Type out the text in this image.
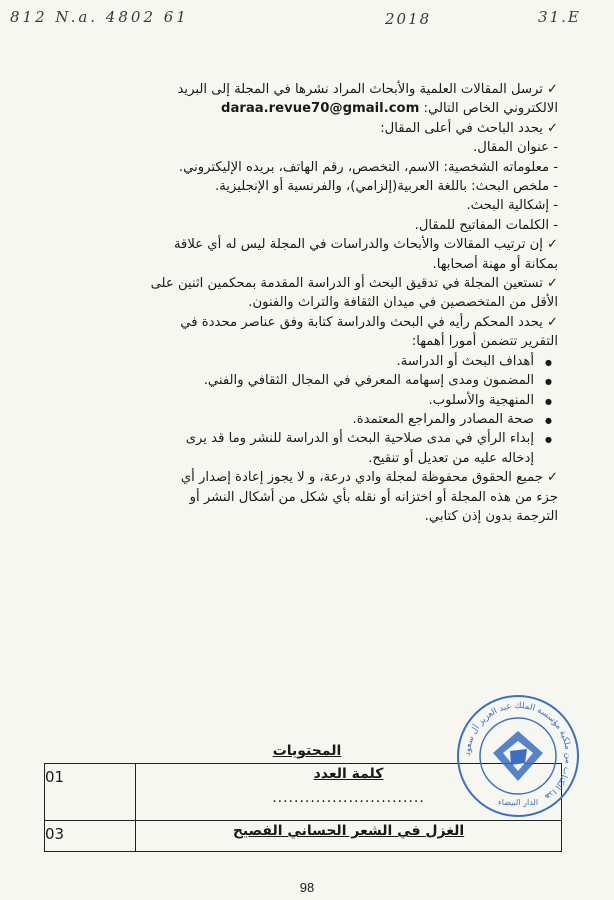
812 N.a. 4802 61	2018	31.E
✓ ترسل المقالات العلمية والأبحاث المراد نشرها في المجلة إلى البريد
الالكتروني الخاص التالي: daraa.revue70@gmail.com
✓ يحدد الباحث في أعلى المقال:
- عنوان المقال.
- معلوماته الشخصية: الاسم، التخصص، رقم الهاتف، بريده الإليكتروني.
- ملخص البحث: باللغة العربية(إلزامي)، والفرنسية أو الإنجليزية.
- إشكالية البحث.
- الكلمات المفاتيح للمقال.
✓ إن ترتيب المقالات والأبحاث والدراسات في المجلة ليس له أي علاقة
بمكانة أو مهنة أصحابها.
✓ تستعين المجلة في تدقيق البحث أو الدراسة المقدمة بمحكمين اثنين على
الأقل من المتخصصين في ميدان الثقافة والتراث والفنون.
✓ يحدد المحكم رأيه في البحث والدراسة كتابة وفق عناصر محددة في
التقرير تتضمن أمورا أهمها:
● أهداف البحث أو الدراسة.
● المضمون ومدى إسهامه المعرفي في المجال الثقافي والفني.
● المنهجية والأسلوب.
● صحة المصادر والمراجع المعتمدة.
● إبداء الرأي في مدى صلاحية البحث أو الدراسة للنشر وما قد يرى
إدخاله عليه من تعديل أو تنقيح.
✓ جميع الحقوق محفوظة لمجلة وادي درعة، و لا يجوز إعادة إصدار أي
جزء من هذه المجلة أو اختزانه أو نقله بأي شكل من أشكال النشر أو
الترجمة بدون إذن كتابي.
المحتويات
كلمة العدد
............................
01
الغزل في الشعر الحساني الفصيح
03
هذا الكتاب من ملكية مؤسسة الملك عبد العزيز آل سعود
الدار البيضاء
98
